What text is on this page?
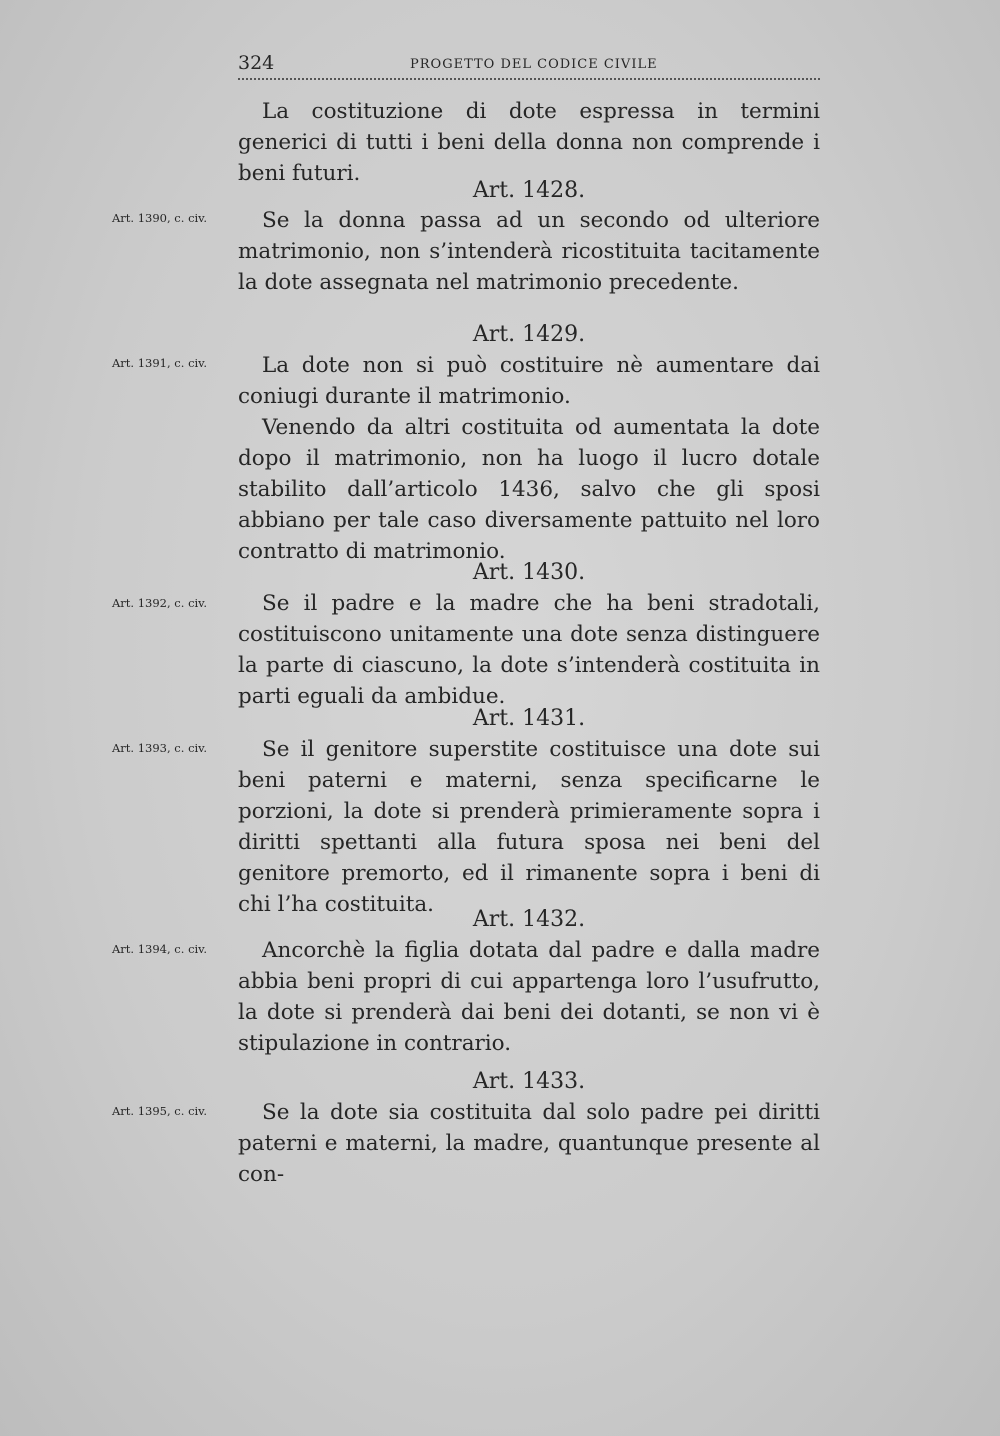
324	PROGETTO DEL CODICE CIVILE

La costituzione di dote espressa in termini generici di tutti i beni della donna non comprende i beni futuri.

Art. 1428.
Art. 1390, c. civ.	Se la donna passa ad un secondo od ulteriore matrimonio, non s’intenderà ricostituita tacitamente la dote assegnata nel matrimonio precedente.

Art. 1429.
Art. 1391, c. civ.	La dote non si può costituire nè aumentare dai coniugi durante il matrimonio.

Venendo da altri costituita od aumentata la dote dopo il matrimonio, non ha luogo il lucro dotale stabilito dall’articolo 1436, salvo che gli sposi abbiano per tale caso diversamente pattuito nel loro contratto di matrimonio.

Art. 1430.
Art. 1392, c. civ.	Se il padre e la madre che ha beni stradotali, costituiscono unitamente una dote senza distinguere la parte di ciascuno, la dote s’intenderà costituita in parti eguali da ambidue.

Art. 1431.
Art. 1393, c. civ.	Se il genitore superstite costituisce una dote sui beni paterni e materni, senza specificarne le porzioni, la dote si prenderà primieramente sopra i diritti spettanti alla futura sposa nei beni del genitore premorto, ed il rimanente sopra i beni di chi l’ha costituita.

Art. 1432.
Art. 1394, c. civ.	Ancorchè la figlia dotata dal padre e dalla madre abbia beni propri di cui appartenga loro l’usufrutto, la dote si prenderà dai beni dei dotanti, se non vi è stipulazione in contrario.

Art. 1433.
Art. 1395, c. civ.	Se la dote sia costituita dal solo padre pei diritti paterni e materni, la madre, quantunque presente al con-
